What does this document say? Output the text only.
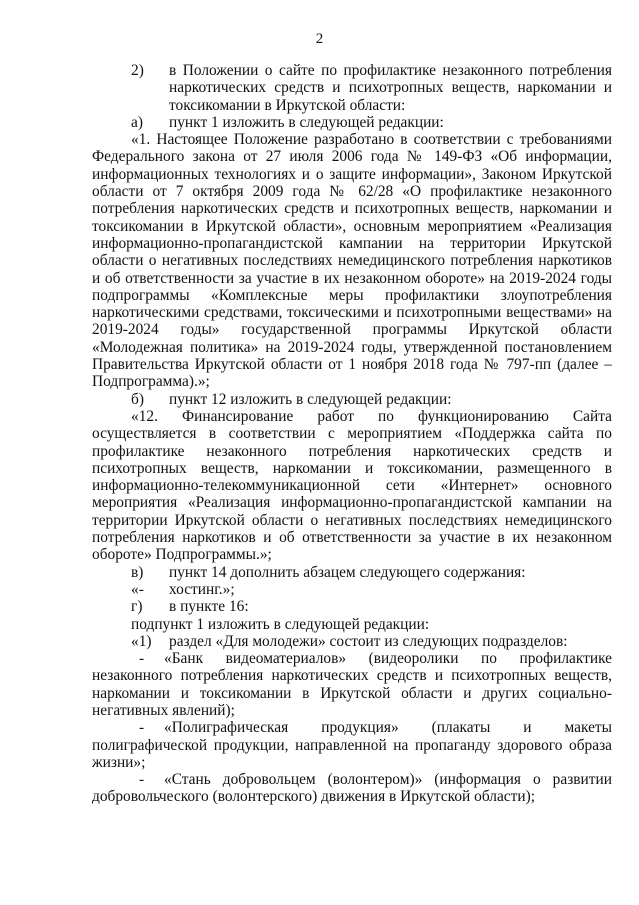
2
2)	в Положении о сайте по профилактике незаконного потребления наркотических средств и психотропных веществ, наркомании и токсикомании в Иркутской области:
а)	пункт 1 изложить в следующей редакции:

«1. Настоящее Положение разработано в соответствии с требованиями Федерального закона от 27 июля 2006 года № 149-ФЗ «Об информации, информационных технологиях и о защите информации», Законом Иркутской области от 7 октября 2009 года № 62/28 «О профилактике незаконного потребления наркотических средств и психотропных веществ, наркомании и токсикомании в Иркутской области», основным мероприятием «Реализация информационно-пропагандистской кампании на территории Иркутской области о негативных последствиях немедицинского потребления наркотиков и об ответственности за участие в их незаконном обороте» на 2019-2024 годы подпрограммы «Комплексные меры профилактики злоупотребления наркотическими средствами, токсическими и психотропными веществами» на 2019-2024 годы» государственной программы Иркутской области «Молодежная политика» на 2019-2024 годы, утвержденной постановлением Правительства Иркутской области от 1 ноября 2018 года № 797-пп (далее – Подпрограмма).»;

б)	пункт 12 изложить в следующей редакции:

«12. Финансирование работ по функционированию Сайта осуществляется в соответствии с мероприятием «Поддержка сайта по профилактике незаконного потребления наркотических средств и психотропных веществ, наркомании и токсикомании, размещенного в информационно-телекоммуникационной сети «Интернет» основного мероприятия «Реализация информационно-пропагандистской кампании на территории Иркутской области о негативных последствиях немедицинского потребления наркотиков и об ответственности за участие в их незаконном обороте» Подпрограммы.»;

в)	пункт 14 дополнить абзацем следующего содержания:
«-	хостинг.»;
г)	в пункте 16:

подпункт 1 изложить в следующей редакции:

«1)	раздел «Для молодежи» состоит из следующих подразделов:

- «Банк видеоматериалов» (видеоролики по профилактике незаконного потребления наркотических средств и психотропных веществ, наркомании и токсикомании в Иркутской области и других социально-негативных явлений);

- «Полиграфическая продукция» (плакаты и макеты полиграфической продукции, направленной на пропаганду здорового образа жизни»;

- «Стань добровольцем (волонтером)» (информация о развитии добровольческого (волонтерского) движения в Иркутской области);
